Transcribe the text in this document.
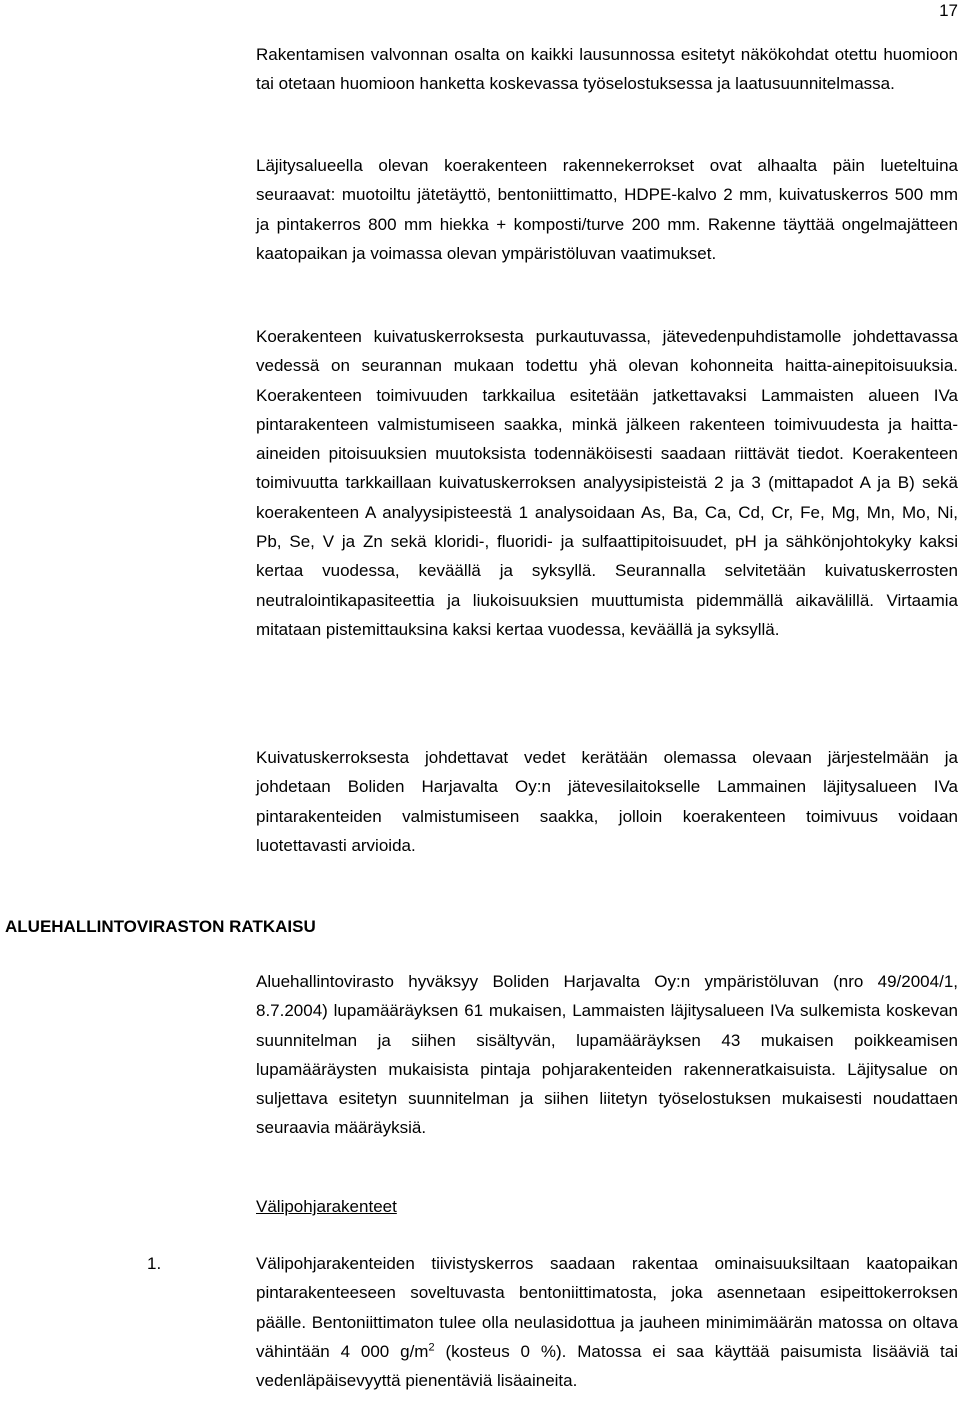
17

Rakentamisen valvonnan osalta on kaikki lausunnossa esitetyt näkökohdat otettu huomioon tai otetaan huomioon hanketta koskevassa työselostuksessa ja laatusuunnitelmassa.

Läjitysalueella olevan koerakenteen rakennekerrokset ovat alhaalta päin lueteltuina seuraavat: muotoiltu jätetäyttö, bentoniittimatto, HDPE-kalvo 2 mm, kuivatuskerros 500 mm ja pintakerros 800 mm hiekka + komposti/turve 200 mm. Rakenne täyttää ongelmajätteen kaatopaikan ja voimassa olevan ympäristöluvan vaatimukset.

Koerakenteen kuivatuskerroksesta purkautuvassa, jätevedenpuhdistamolle johdettavassa vedessä on seurannan mukaan todettu yhä olevan kohonneita haitta-ainepitoisuuksia. Koerakenteen toimivuuden tarkkailua esitetään jatkettavaksi Lammaisten alueen IVa pintarakenteen valmistumiseen saakka, minkä jälkeen rakenteen toimivuudesta ja haitta-aineiden pitoisuuksien muutoksista todennäköisesti saadaan riittävät tiedot. Koerakenteen toimivuutta tarkkaillaan kuivatuskerroksen analyysipisteistä 2 ja 3 (mittapadot A ja B) sekä koerakenteen A analyysipisteestä 1 analysoidaan As, Ba, Ca, Cd, Cr, Fe, Mg, Mn, Mo, Ni, Pb, Se, V ja Zn sekä kloridi-, fluoridi- ja sulfaattipitoisuudet, pH ja sähkönjohtokyky kaksi kertaa vuodessa, keväällä ja syksyllä. Seurannalla selvitetään kuivatuskerrosten neutralointikapasiteettia ja liukoisuuksien muuttumista pidemmällä aikavälillä. Virtaamia mitataan pistemittauksina kaksi kertaa vuodessa, keväällä ja syksyllä.

Kuivatuskerroksesta johdettavat vedet kerätään olemassa olevaan järjestelmään ja johdetaan Boliden Harjavalta Oy:n jätevesilaitokselle Lammainen läjitysalueen IVa pintarakenteiden valmistumiseen saakka, jolloin koerakenteen toimivuus voidaan luotettavasti arvioida.

ALUEHALLINTOVIRASTON RATKAISU

Aluehallintovirasto hyväksyy Boliden Harjavalta Oy:n ympäristöluvan (nro 49/2004/1, 8.7.2004) lupamääräyksen 61 mukaisen, Lammaisten läjitysalueen IVa sulkemista koskevan suunnitelman ja siihen sisältyvän, lupamääräyksen 43 mukaisen poikkeamisen lupamääräysten mukaisista pintaja pohjarakenteiden rakenneratkaisuista. Läjitysalue on suljettava esitetyn suunnitelman ja siihen liitetyn työselostuksen mukaisesti noudattaen seuraavia määräyksiä.

Välipohjarakenteet
1.	Välipohjarakenteiden tiivistyskerros saadaan rakentaa ominaisuuksiltaan kaatopaikan pintarakenteeseen soveltuvasta bentoniittimatosta, joka asennetaan esipeittokerroksen päälle. Bentoniittimaton tulee olla neulasidottua ja jauheen minimimäärän matossa on oltava vähintään 4 000 $g/m^2$ (kosteus 0 %). Matossa ei saa käyttää paisumista lisääviä tai vedenläpäisevyyttä pienentäviä lisäaineita.
